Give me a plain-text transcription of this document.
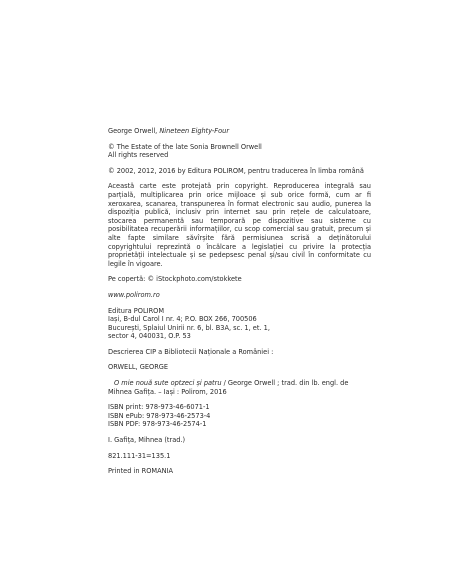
George Orwell, Nineteen Eighty-Four

© The Estate of the late Sonia Brownell Orwell
All rights reserved

© 2002, 2012, 2016 by Editura POLIROM, pentru traducerea în limba română

Această carte este protejată prin copyright. Reproducerea integrală sau parțială, multiplicarea prin orice mijloace și sub orice formă, cum ar fi xeroxarea, scanarea, transpunerea în format electronic sau audio, punerea la dispoziția publică, inclusiv prin internet sau prin rețele de calculatoare, stocarea permanentă sau temporară pe dispozitive sau sisteme cu posibilitatea recuperării informațiilor, cu scop comercial sau gratuit, precum și alte fapte similare săvîrșite fără permisiunea scrisă a deținătorului copyrightului reprezintă o încălcare a legislației cu privire la protecția proprietății intelectuale și se pedepsesc penal și/sau civil în conformitate cu legile în vigoare.

Pe copertă: © iStockphoto.com/stokkete

www.polirom.ro

Editura POLIROM
Iași, B-dul Carol I nr. 4; P.O. BOX 266, 700506
București, Splaiul Unirii nr. 6, bl. B3A, sc. 1, et. 1,
sector 4, 040031, O.P. 53

Descrierea CIP a Bibliotecii Naționale a României :

ORWELL, GEORGE

O mie nouă sute optzeci și patru / George Orwell ; trad. din lb. engl. de
Mihnea Gafița. – Iași : Polirom, 2016

ISBN print: 978-973-46-6071-1
ISBN ePub: 978-973-46-2573-4
ISBN PDF: 978-973-46-2574-1

I. Gafița, Mihnea (trad.)

821.111-31=135.1

Printed in ROMANIA
